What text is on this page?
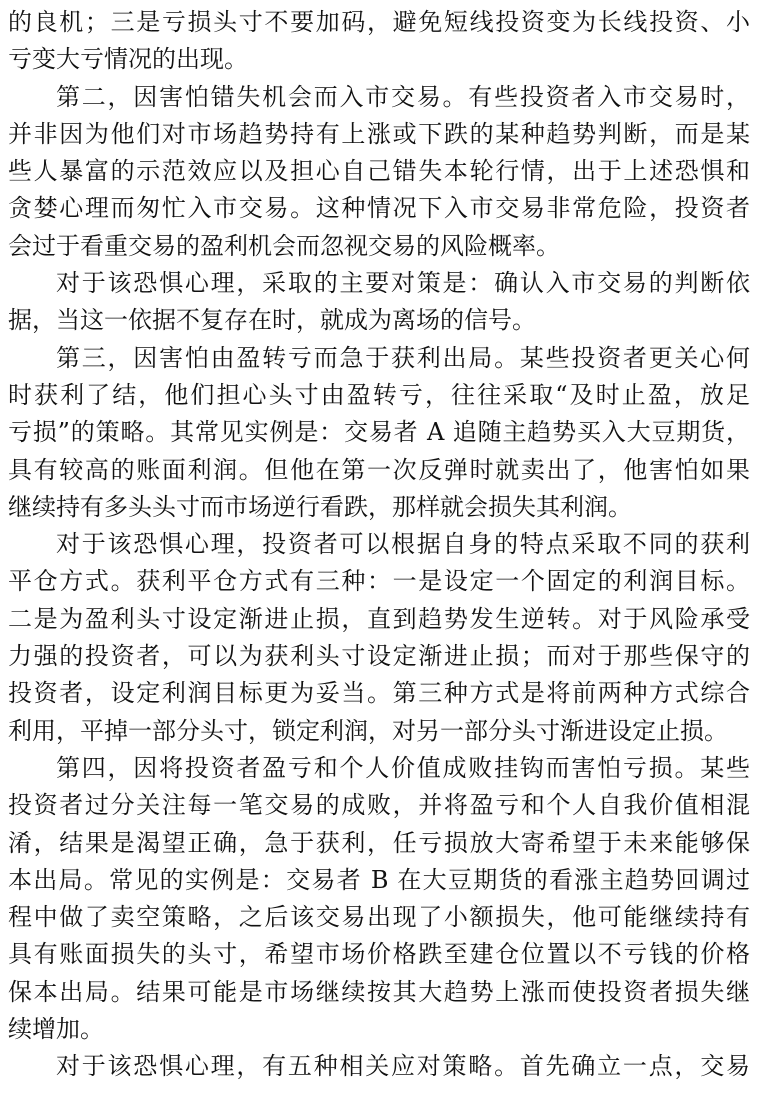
的良机；三是亏损头寸不要加码，避免短线投资变为长线投资、小
亏变大亏情况的出现。
第二，因害怕错失机会而入市交易。有些投资者入市交易时，
并非因为他们对市场趋势持有上涨或下跌的某种趋势判断，而是某
些人暴富的示范效应以及担心自己错失本轮行情，出于上述恐惧和
贪婪心理而匆忙入市交易。这种情况下入市交易非常危险，投资者
会过于看重交易的盈利机会而忽视交易的风险概率。
对于该恐惧心理，采取的主要对策是：确认入市交易的判断依
据，当这一依据不复存在时，就成为离场的信号。
第三，因害怕由盈转亏而急于获利出局。某些投资者更关心何
时获利了结，他们担心头寸由盈转亏，往往采取“及时止盈，放足
亏损”的策略。其常见实例是：交易者 A 追随主趋势买入大豆期货，
具有较高的账面利润。但他在第一次反弹时就卖出了，他害怕如果
继续持有多头头寸而市场逆行看跌，那样就会损失其利润。
对于该恐惧心理，投资者可以根据自身的特点采取不同的获利
平仓方式。获利平仓方式有三种：一是设定一个固定的利润目标。
二是为盈利头寸设定渐进止损，直到趋势发生逆转。对于风险承受
力强的投资者，可以为获利头寸设定渐进止损；而对于那些保守的
投资者，设定利润目标更为妥当。第三种方式是将前两种方式综合
利用，平掉一部分头寸，锁定利润，对另一部分头寸渐进设定止损。
第四，因将投资者盈亏和个人价值成败挂钩而害怕亏损。某些
投资者过分关注每一笔交易的成败，并将盈亏和个人自我价值相混
淆，结果是渴望正确，急于获利，任亏损放大寄希望于未来能够保
本出局。常见的实例是：交易者 B 在大豆期货的看涨主趋势回调过
程中做了卖空策略，之后该交易出现了小额损失，他可能继续持有
具有账面损失的头寸，希望市场价格跌至建仓位置以不亏钱的价格
保本出局。结果可能是市场继续按其大趋势上涨而使投资者损失继
续增加。
对于该恐惧心理，有五种相关应对策略。首先确立一点，交易
